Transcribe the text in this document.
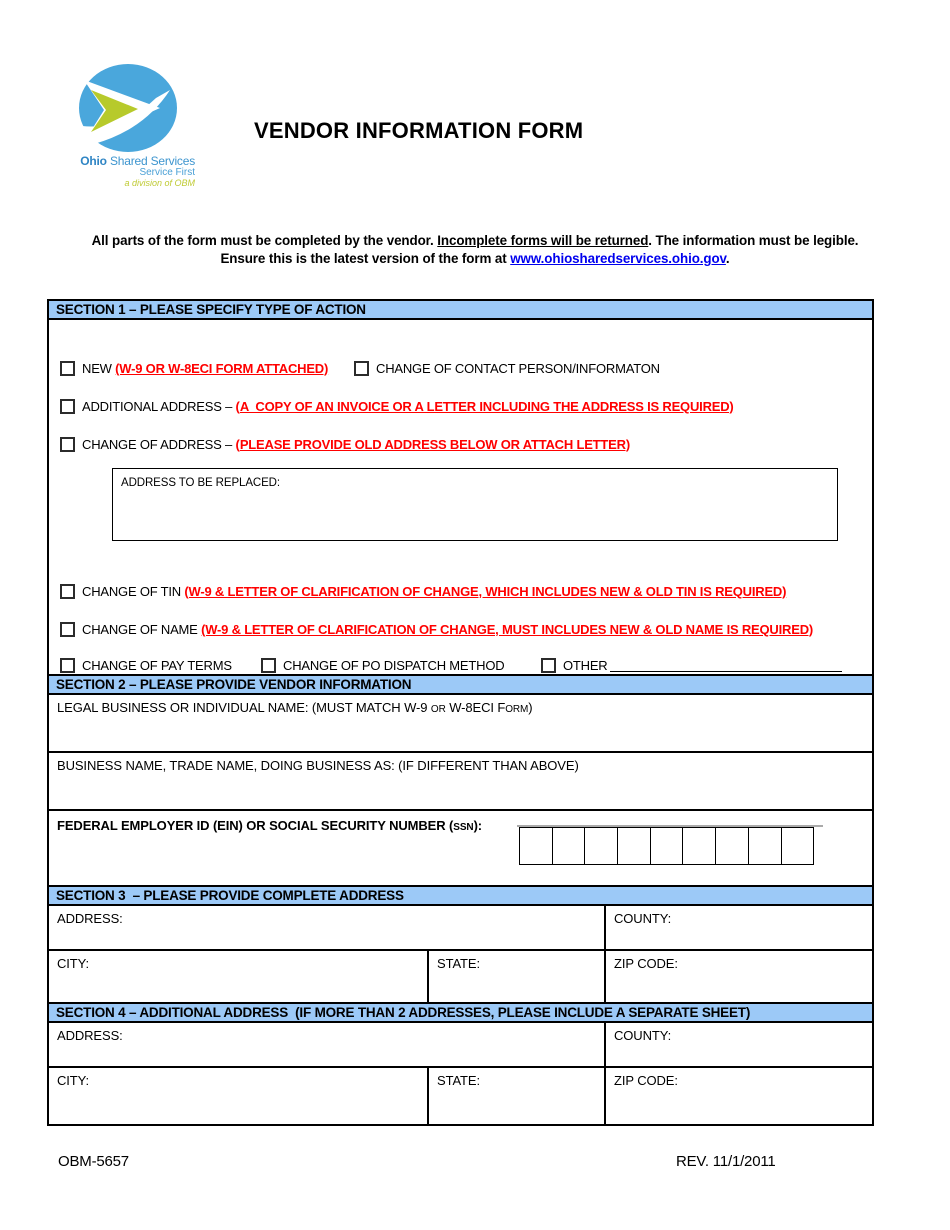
Ohio Shared Services
Service First
a division of OBM
VENDOR INFORMATION FORM
All parts of the form must be completed by the vendor. Incomplete forms will be returned. The information must be legible.
Ensure this is the latest version of the form at www.ohiosharedservices.ohio.gov.
SECTION 1 – PLEASE SPECIFY TYPE OF ACTION
NEW (W-9 OR W-8ECI FORM ATTACHED)	CHANGE OF CONTACT PERSON/INFORMATON
ADDITIONAL ADDRESS – ( A  COPY OF AN INVOICE OR A LETTER INCLUDING THE ADDRESS IS REQUIRED)
CHANGE OF ADDRESS – ( PLEASE PROVIDE OLD ADDRESS BELOW OR ATTACH LETTER)
ADDRESS TO BE REPLACED:
CHANGE OF TIN (W-9 & LETTER OF CLARIFICATION OF CHANGE, WHICH INCLUDES NEW & OLD TIN IS REQUIRED)
CHANGE OF NAME (W-9 & LETTER OF CLARIFICATION OF CHANGE, MUST INCLUDES NEW & OLD NAME IS REQUIRED)
CHANGE OF PAY TERMS	CHANGE OF PO DISPATCH METHOD	OTHER
SECTION 2 – PLEASE PROVIDE VENDOR INFORMATION
LEGAL BUSINESS OR INDIVIDUAL NAME: (MUST MATCH W-9 OR W-8ECI FORM)
BUSINESS NAME, TRADE NAME, DOING BUSINESS AS: (IF DIFFERENT THAN ABOVE)
FEDERAL EMPLOYER ID (EIN) OR SOCIAL SECURITY NUMBER (SSN):
SECTION 3  – PLEASE PROVIDE COMPLETE ADDRESS
ADDRESS:	COUNTY:
CITY:	STATE:	ZIP CODE:
SECTION 4 – ADDITIONAL ADDRESS  (IF MORE THAN 2 ADDRESSES, PLEASE INCLUDE A SEPARATE SHEET)
ADDRESS:	COUNTY:
CITY:	STATE:	ZIP CODE:
OBM-5657	REV. 11/1/2011
